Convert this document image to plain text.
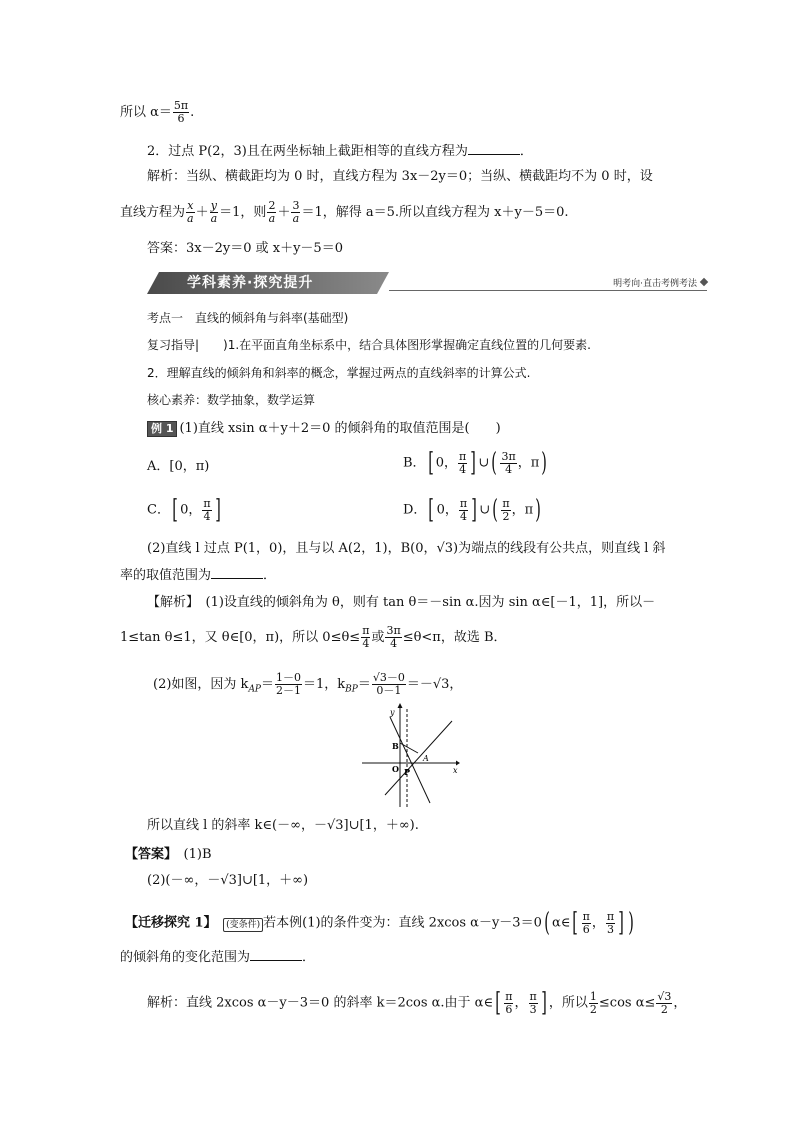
所以 $\alpha= \frac{5\pi}{6}$ .
2．过点 P(2，3)且在两坐标轴上截距相等的直线方程为	．
解析：当纵、横截距均为 0 时，直线方程为 3x－2y＝0；当纵、横截距均不为 0 时，设
直线方程为 $\frac{x}{a} + \frac{y}{a} =1$，则 $\frac{2}{a} + \frac{3}{a} =1$，解得 a＝5.所以直线方程为 x＋y－5＝0.
答案：3x－2y＝0 或 x＋y－5＝0
学科素养·探究提升	明考向·直击考例考法
考点一　直线的倾斜角与斜率(基础型)
复习指导|　　)1.在平面直角坐标系中，结合具体图形掌握确定直线位置的几何要素.
2．理解直线的倾斜角和斜率的概念，掌握过两点的直线斜率的计算公式.
核心素养：数学抽象，数学运算
例 1 (1)直线 xsin α＋y＋2＝0 的倾斜角的取值范围是(　　)
A．[0，π)	B．[ 0， $\frac{\pi}{4}$ ] ∪( $\frac{3\pi}{4}$ ，π)
C．[ 0， $\frac{\pi}{4}$ ]	D．[ 0， $\frac{\pi}{4}$ ] ∪( $\frac{\pi}{2}$ ，π)
(2)直线 l 过点 P(1，0)，且与以 A(2，1)，B(0，√3)为端点的线段有公共点，则直线 l 斜
率的取值范围为	．
【解析】　(1)设直线的倾斜角为 θ，则有 tan θ＝－sin α.因为 sin α∈[－1，1]，所以－
1≤tan θ≤1，又 θ∈[0，π)，所以 $0\le\theta\le \frac{\pi}{4}$ 或 $\frac{3\pi}{4} \le\theta<\pi$，故选 B．
(2)如图，因为 $k_{AP}= \frac{1-0}{2-1} =1$，$k_{BP}= \frac{√3-0}{0-1} =-√3$，
y
x
B
A
O P
所以直线 l 的斜率 k∈(－∞，－√3]∪[1，＋∞).
【答案】　 (1)B
(2)(－∞，－√3]∪[1，＋∞)
【迁移探究 1】　 (变条件) 若本例(1)的条件变为：直线 2xcos α－y－3＝0( α∈[ $\frac{\pi}{6}$ ， $\frac{\pi}{3}$ ] )
的倾斜角的变化范围为	．
解析：直线 2xcos α－y－3＝0 的斜率 k＝2cos α.由于 α∈[ $\frac{\pi}{6}$ ， $\frac{\pi}{3}$ ] ，所以 $\frac{1}{2} \le\cos$ $\alpha\le \frac{√3}{2}$ ，
